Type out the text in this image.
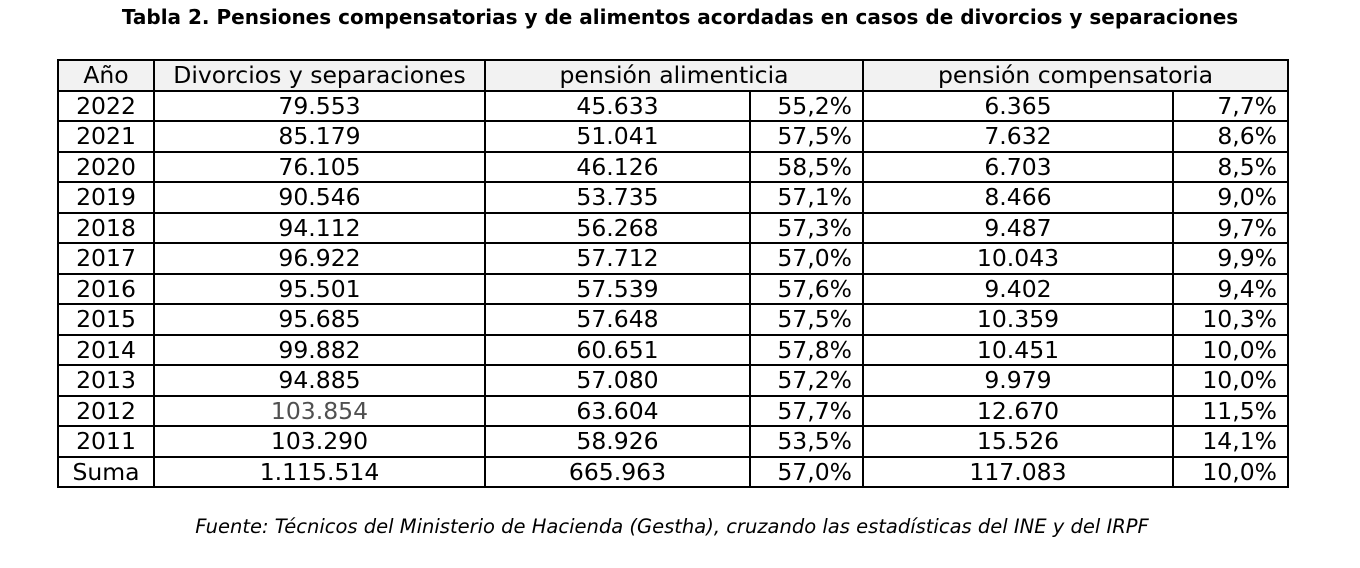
Tabla 2. Pensiones compensatorias y de alimentos acordadas en casos de divorcios y separaciones
Año	Divorcios y separaciones	pensión alimenticia		pensión compensatoria	
2022	79.553	45.633	55,2%	6.365	7,7%
2021	85.179	51.041	57,5%	7.632	8,6%
2020	76.105	46.126	58,5%	6.703	8,5%
2019	90.546	53.735	57,1%	8.466	9,0%
2018	94.112	56.268	57,3%	9.487	9,7%
2017	96.922	57.712	57,0%	10.043	9,9%
2016	95.501	57.539	57,6%	9.402	9,4%
2015	95.685	57.648	57,5%	10.359	10,3%
2014	99.882	60.651	57,8%	10.451	10,0%
2013	94.885	57.080	57,2%	9.979	10,0%
2012	103.854	63.604	57,7%	12.670	11,5%
2011	103.290	58.926	53,5%	15.526	14,1%
Suma	1.115.514	665.963	57,0%	117.083	10,0%
Fuente: Técnicos del Ministerio de Hacienda (Gestha), cruzando las estadísticas del INE y del IRPF
